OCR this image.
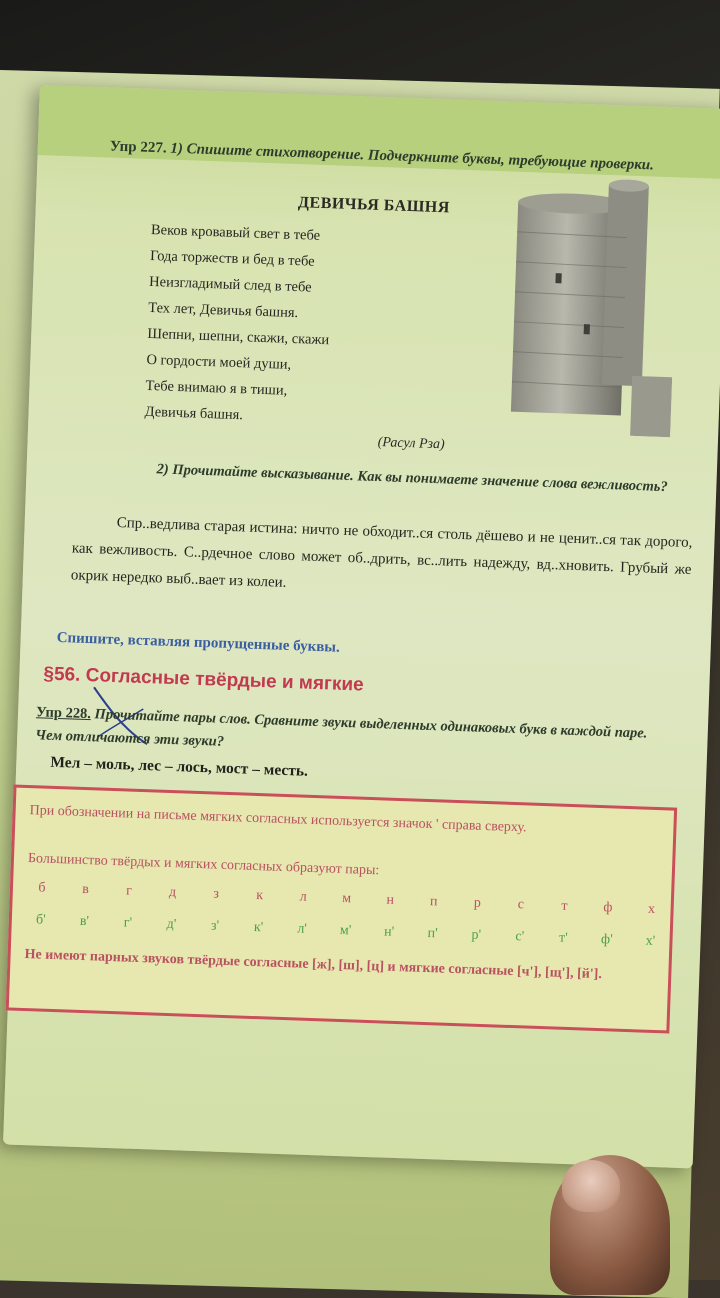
Упр 227. 1) Спишите стихотворение. Подчеркните буквы, требующие проверки.
ДЕВИЧЬЯ БАШНЯ
Веков кровавый свет в тебе
Года торжеств и бед в тебе
Неизгладимый след в тебе
Тех лет, Девичья башня.
Шепни, шепни, скажи, скажи
О гордости моей души,
Тебе внимаю я в тиши,
Девичья башня.
(Расул Рза)
2) Прочитайте высказывание. Как вы понимаете значение слова вежливость?
Спр..ведлива старая истина: ничто не обходит..ся столь дёшево и не ценит..ся так дорого, как вежливость. С..рдечное слово может об..дрить, вс..лить надежду, вд..хновить. Грубый же окрик нередко выб..вает из колеи.
Спишите, вставляя пропущенные буквы.
§56. Согласные твёрдые и мягкие
Упр 228. Прочитайте пары слов. Сравните звуки выделенных одинаковых букв в каждой паре. Чем отличаются эти звуки?
Мел – моль, лес – лось, мост – месть.
При обозначении на письме мягких согласных используется значок ' справа сверху.
Большинство твёрдых и мягких согласных образуют пары:
б	в	г	д	з	к	л	м	н	п	р	с	т	ф	х
б'	в'	г'	д'	з'	к'	л'	м'	н'	п'	р'	с'	т'	ф'	х'
Не имеют парных звуков твёрдые согласные [ж], [ш], [ц] и мягкие согласные [ч'], [щ'], [й'].
